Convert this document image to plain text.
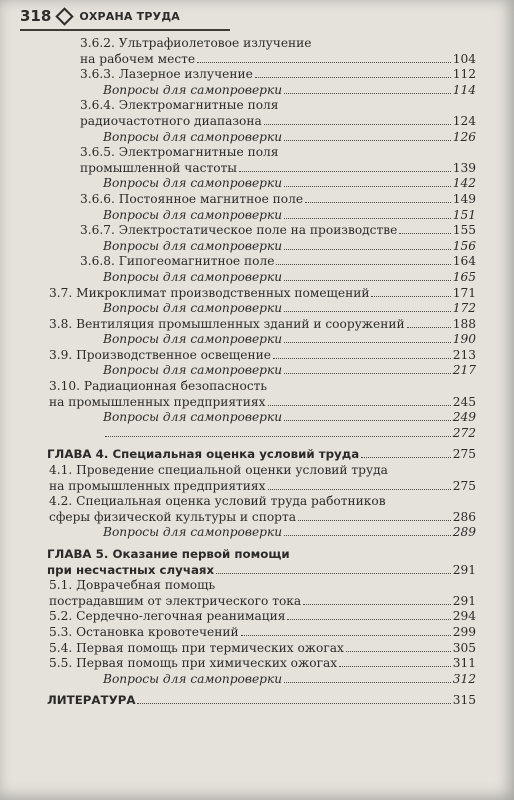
318	ОХРАНА ТРУДА
3.6.2. Ультрафиолетовое излучение
на рабочем месте	104
3.6.3. Лазерное излучение	112
Вопросы для самопроверки	114
3.6.4. Электромагнитные поля
радиочастотного диапазона	124
Вопросы для самопроверки	126
3.6.5. Электромагнитные поля
промышленной частоты	139
Вопросы для самопроверки	142
3.6.6. Постоянное магнитное поле	149
Вопросы для самопроверки	151
3.6.7. Электростатическое поле на производстве	155
Вопросы для самопроверки	156
3.6.8. Гипогеомагнитное поле	164
Вопросы для самопроверки	165
3.7. Микроклимат производственных помещений	171
Вопросы для самопроверки	172
3.8. Вентиляция промышленных зданий и сооружений	188
Вопросы для самопроверки	190
3.9. Производственное освещение	213
Вопросы для самопроверки	217
3.10. Радиационная безопасность
на промышленных предприятиях	245
Вопросы для самопроверки	249
272
ГЛАВА 4. Специальная оценка условий труда	275
4.1. Проведение специальной оценки условий труда
на промышленных предприятиях	275
4.2. Специальная оценка условий труда работников
сферы физической культуры и спорта	286
Вопросы для самопроверки	289
ГЛАВА 5. Оказание первой помощи
при несчастных случаях	291
5.1. Доврачебная помощь
пострадавшим от электрического тока	291
5.2. Сердечно-легочная реанимация	294
5.3. Остановка кровотечений	299
5.4. Первая помощь при термических ожогах	305
5.5. Первая помощь при химических ожогах	311
Вопросы для самопроверки	312
ЛИТЕРАТУРА	315
